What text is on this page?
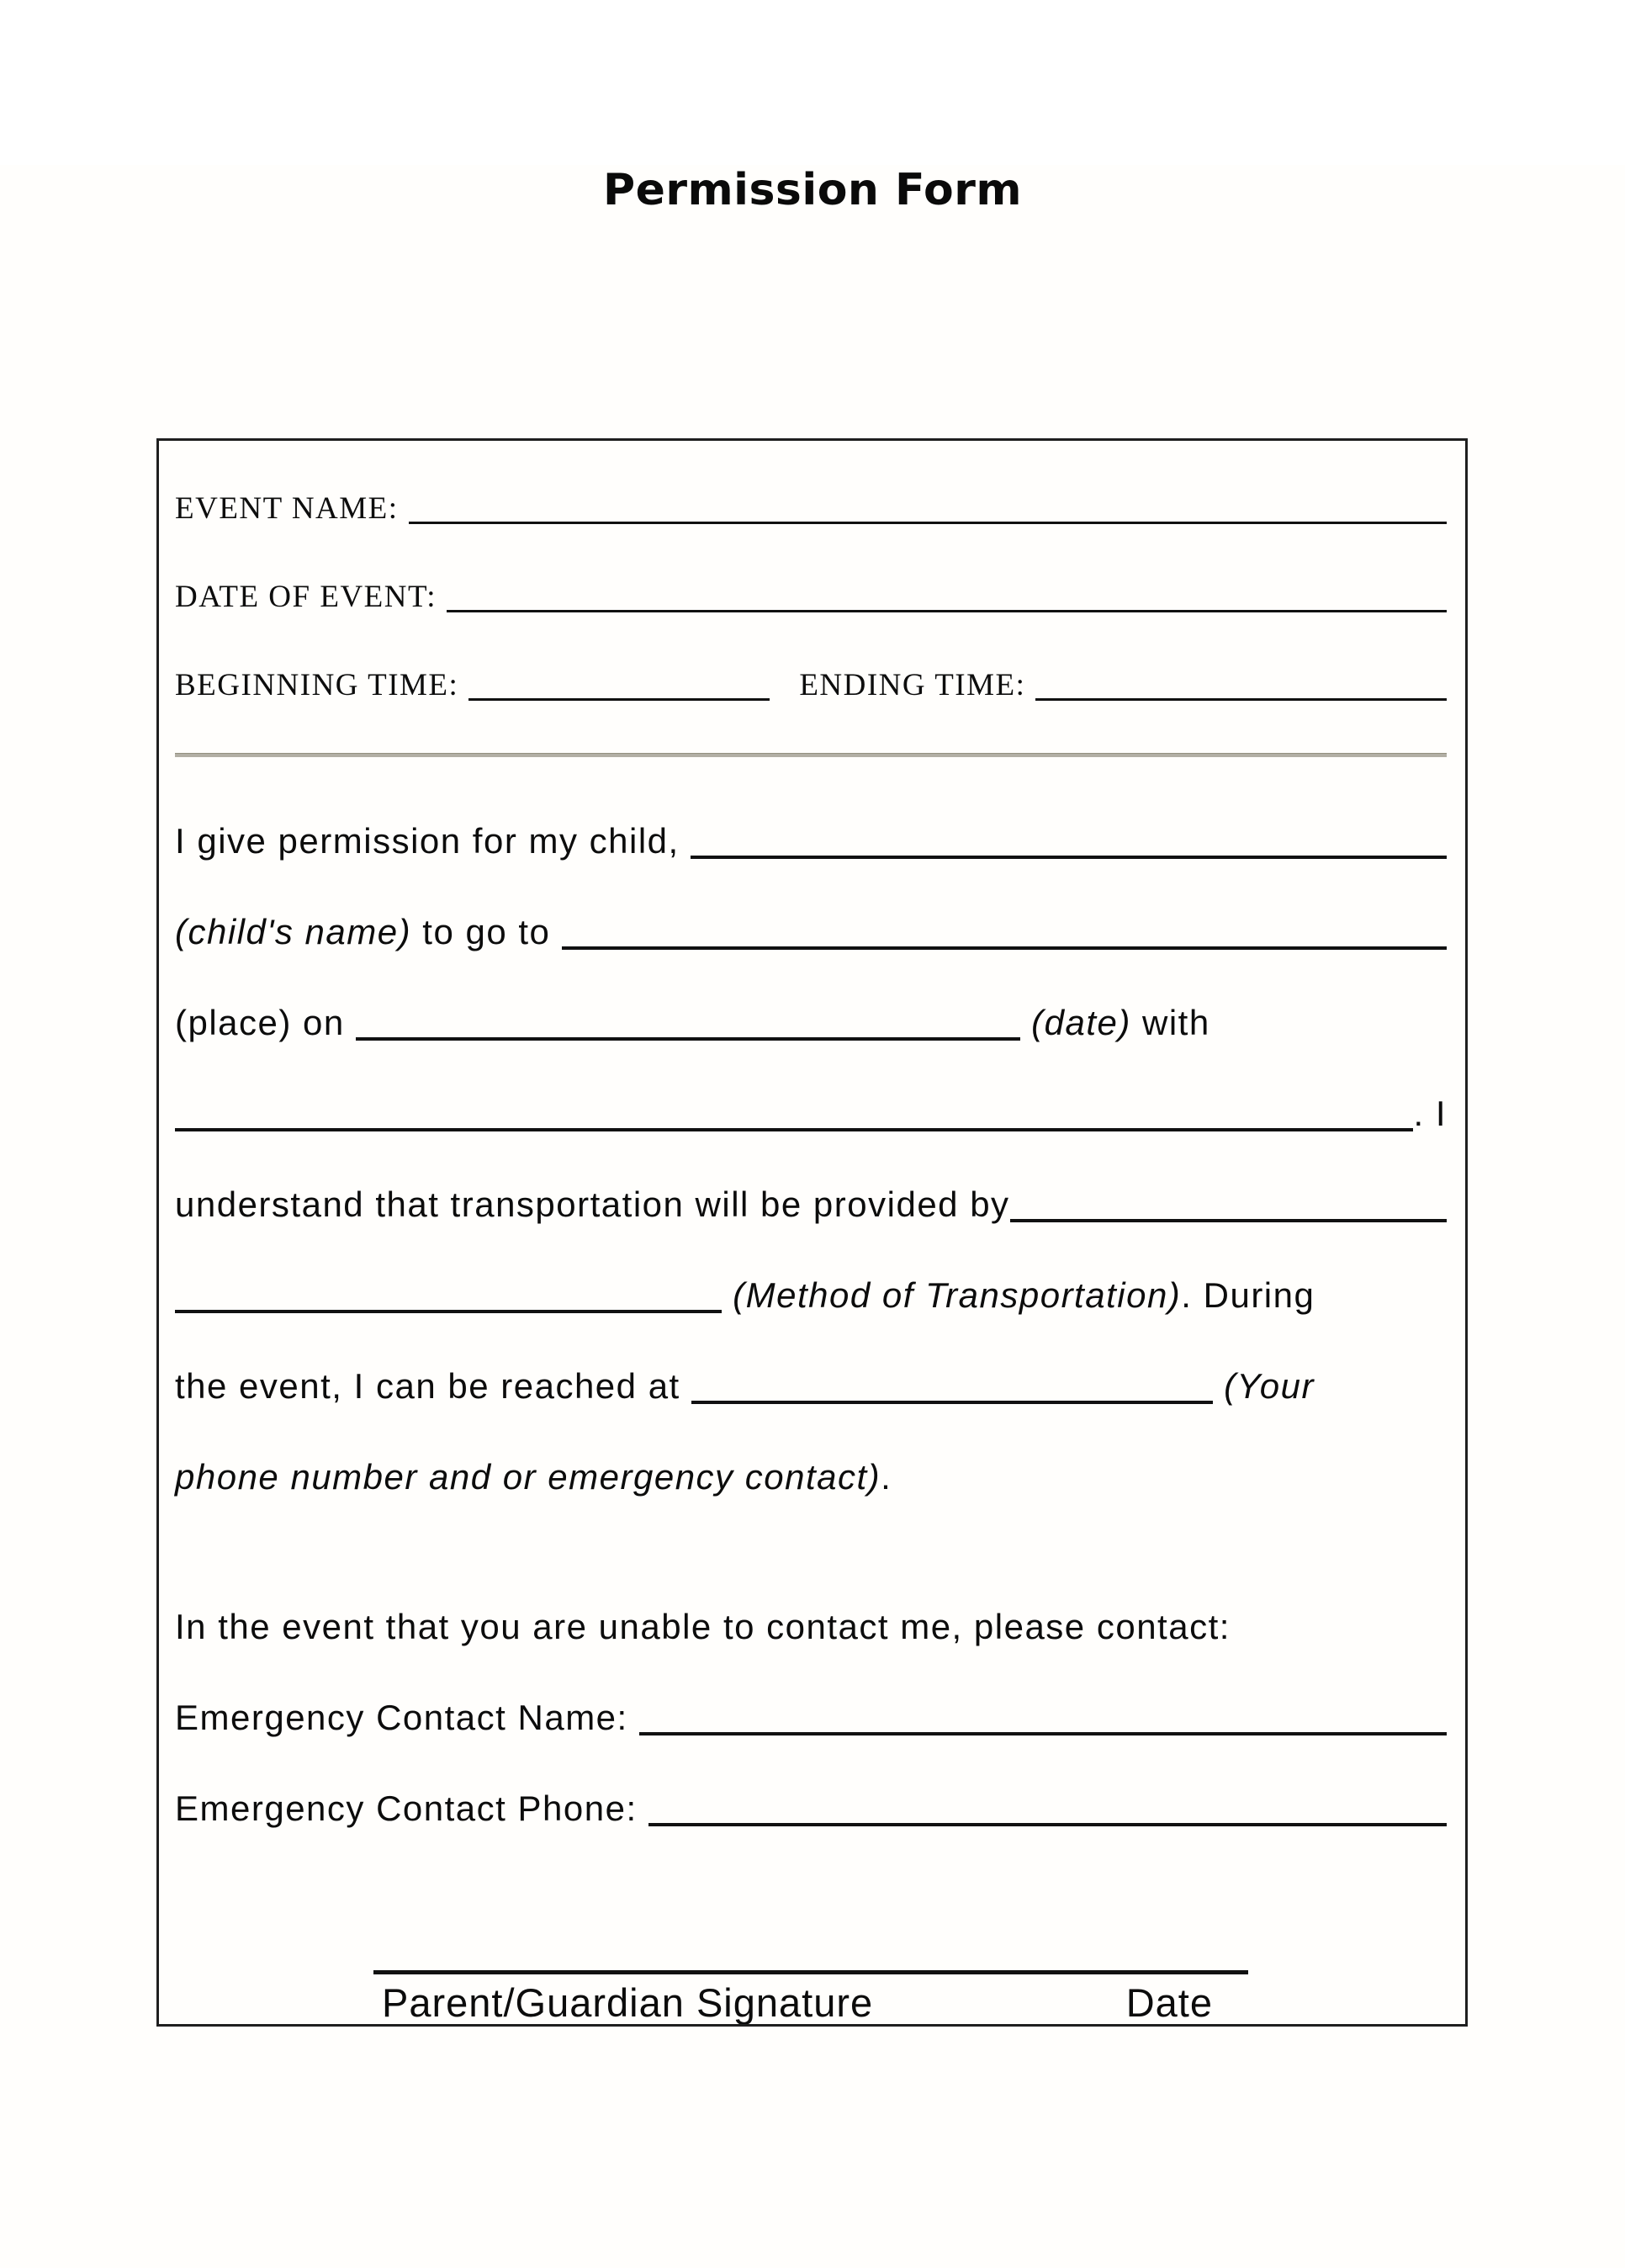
Permission Form
EVENT NAME:

DATE OF EVENT:

BEGINNING TIME:
	ENDING TIME:

I give permission for my child,

(child's name) to go to

(place) on

	(date) with

. I
understand that transportation will be provided by

(Method of Transportation) . During
the event, I can be reached at

	(Your
phone number and or emergency contact) .
In the event that you are unable to contact me, please contact:
Emergency Contact Name:

Emergency Contact Phone:

Parent/Guardian Signature	Date
